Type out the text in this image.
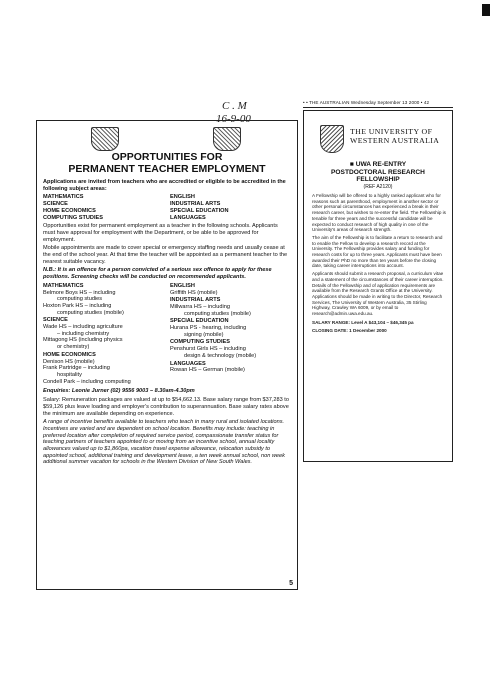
C . M
16-9-00
OPPORTUNITIES FOR
PERMANENT TEACHER EMPLOYMENT

Applications are invited from teachers who are accredited or eligible to be accredited in the following subject areas:

MATHEMATICS	ENGLISH
SCIENCE	INDUSTRIAL ARTS
HOME ECONOMICS	SPECIAL EDUCATION
COMPUTING STUDIES	LANGUAGES

Opportunities exist for permanent employment as a teacher in the following schools. Applicants must have approval for employment with the Department, or be able to be approved for employment.

Mobile appointments are made to cover special or emergency staffing needs and usually cease at the end of the school year. At that time the teacher will be appointed as a permanent teacher to the nearest suitable vacancy.

N.B.: It is an offence for a person convicted of a serious sex offence to apply for these positions. Screening checks will be conducted on recommended applicants.

MATHEMATICS
Belmore Boys HS – including
computing studies
Hoxton Park HS – including
computing studies (mobile)
SCIENCE
Wade HS – including agriculture
– including chemistry
Mittagong HS (including physics
or chemistry)
HOME ECONOMICS
Denison HS (mobile)
Frank Partridge – including
hospitality
Condell Park – including computing
ENGLISH
Griffith HS (mobile)
INDUSTRIAL ARTS
Millwarra HS – including
computing studies (mobile)
SPECIAL EDUCATION
Hurana PS - hearing, including
signing (mobile)
COMPUTING STUDIES
Penshurst Girls HS – including
design & technology (mobile)
LANGUAGES
Rowan HS – German (mobile)

Enquiries: Leonie Jurner (02) 9556 9003 – 8.30am-4.30pm

Salary: Remuneration packages are valued at up to $54,662.13. Base salary range from $37,283 to $59,126 plus leave loading and employer's contribution to superannuation. Base salary rates above the minimum are available depending on experience.

A range of incentive benefits available to teachers who teach in many rural and isolated locations. Incentives are varied and are dependent on school location. Benefits may include: teaching in preferred location after completion of required service period, compassionate transfer status for teaching partners of teachers appointed to or moving from an incentive school, annual locality allowances valued up to $1,860pa, vacation travel expense allowance, relocation subsidy to appointed school, additional training and development leave, a ten week annual school, non week additional summer vacation for schools in the Western Division of New South Wales.

5
• • THE AUSTRALIAN Wednesday September 13 2000 • 42
THE UNIVERSITY OF
WESTERN AUSTRALIA
■ UWA RE-ENTRY
POSTDOCTORAL RESEARCH
FELLOWSHIP
(REF A2120)

A Fellowship will be offered to a highly ranked applicant who for reasons such as parenthood, employment in another sector or other personal circumstances has experienced a break in their research career, but wishes to re-enter the field. The Fellowship is tenable for three years and the successful candidate will be expected to conduct research of high quality in one of the University's areas of research strength.

The aim of the Fellowship is to facilitate a return to research and to enable the Fellow to develop a research record at the University. The Fellowship provides salary and funding for research costs for up to three years. Applicants must have been awarded their PhD no more than ten years before the closing date, taking career interruptions into account.

Applicants should submit a research proposal, a curriculum vitae and a statement of the circumstances of their career interruption. Details of the Fellowship and of application requirements are available from the Research Grants Office at the University. Applications should be made in writing to the Director, Research Services, The University of Western Australia, 35 Stirling Highway, Crawley WA 6009, or by email to research@admin.uwa.edu.au.

SALARY RANGE: Level A $43,104 – $46,345 pa

CLOSING DATE: 1 December 2000
